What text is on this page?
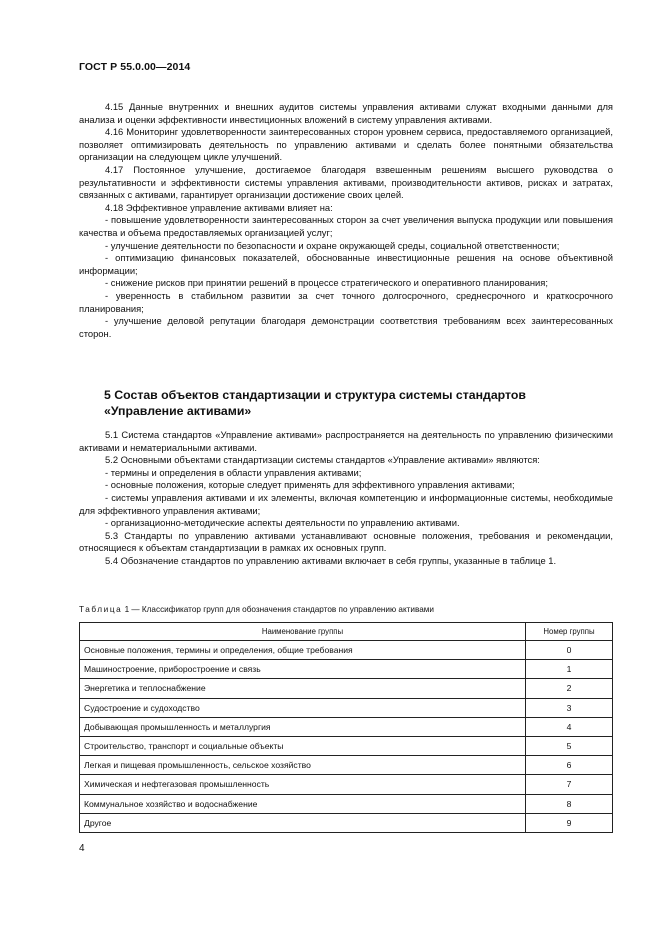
ГОСТ Р 55.0.00—2014

4.15 Данные внутренних и внешних аудитов системы управления активами служат входными данными для анализа и оценки эффективности инвестиционных вложений в систему управления активами.

4.16 Мониторинг удовлетворенности заинтересованных сторон уровнем сервиса, предоставляемого организацией, позволяет оптимизировать деятельность по управлению активами и сделать более понятными обязательства организации на следующем цикле улучшений.

4.17 Постоянное улучшение, достигаемое благодаря взвешенным решениям высшего руководства о результативности и эффективности системы управления активами, производительности активов, рисках и затратах, связанных с активами, гарантирует организации достижение своих целей.

4.18 Эффективное управление активами влияет на:

- повышение удовлетворенности заинтересованных сторон за счет увеличения выпуска продукции или повышения качества и объема предоставляемых организацией услуг;

- улучшение деятельности по безопасности и охране окружающей среды, социальной ответственности;

- оптимизацию финансовых показателей, обоснованные инвестиционные решения на основе объективной информации;

- снижение рисков при принятии решений в процессе стратегического и оперативного планирования;

- уверенность в стабильном развитии за счет точного долгосрочного, среднесрочного и краткосрочного планирования;

- улучшение деловой репутации благодаря демонстрации соответствия требованиям всех заинтересованных сторон.

5 Состав объектов стандартизации и структура системы стандартов «Управление активами»

5.1 Система стандартов «Управление активами» распространяется на деятельность по управлению физическими активами и нематериальными активами.

5.2 Основными объектами стандартизации системы стандартов «Управление активами» являются:

- термины и определения в области управления активами;

- основные положения, которые следует применять для эффективного управления активами;

- системы управления активами и их элементы, включая компетенцию и информационные системы, необходимые для эффективного управления активами;

- организационно-методические аспекты деятельности по управлению активами.

5.3 Стандарты по управлению активами устанавливают основные положения, требования и рекомендации, относящиеся к объектам стандартизации в рамках их основных групп.

5.4 Обозначение стандартов по управлению активами включает в себя группы, указанные в таблице 1.

Таблица 1 — Классификатор групп для обозначения стандартов по управлению активами
Наименование группы	Номер группы
Основные положения, термины и определения, общие требования	0
Машиностроение, приборостроение и связь	1
Энергетика и теплоснабжение	2
Судостроение и судоходство	3
Добывающая промышленность и металлургия	4
Строительство, транспорт и социальные объекты	5
Легкая и пищевая промышленность, сельское хозяйство	6
Химическая и нефтегазовая промышленность	7
Коммунальное хозяйство и водоснабжение	8
Другое	9
4
